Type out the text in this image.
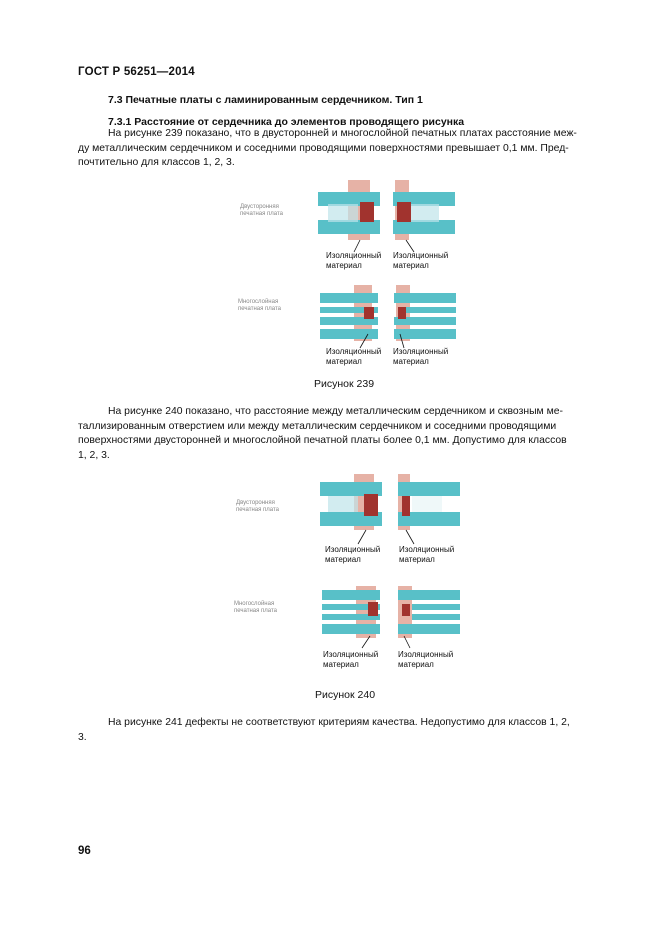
ГОСТ Р 56251—2014
7.3 Печатные платы с ламинированным сердечником. Тип 1
7.3.1 Расстояние от сердечника до элементов проводящего рисунка
На рисунке 239 показано, что в двусторонней и многослойной печатных платах расстояние меж-
ду металлическим сердечником и соседними проводящими поверхностями превышает 0,1 мм. Пред-
почтительно для классов 1, 2, 3.
Двусторонняя
печатная плата
Многослойная
печатная плата
Изоляционный
материал
Изоляционный
материал
Изоляционный
материал
Изоляционный
материал
Рисунок 239
На рисунке 240 показано, что расстояние между металлическим сердечником и сквозным ме-
таллизированным отверстием или между металлическим сердечником и соседними проводящими
поверхностями двусторонней и многослойной печатной платы более 0,1 мм. Допустимо для классов
1, 2, 3.
Двусторонняя
печатная плата
Многослойная
печатная плата
Изоляционный
материал
Изоляционный
материал
Изоляционный
материал
Изоляционный
материал
Рисунок 240
На рисунке 241 дефекты не соответствуют критериям качества. Недопустимо для классов 1, 2,
3.
96
